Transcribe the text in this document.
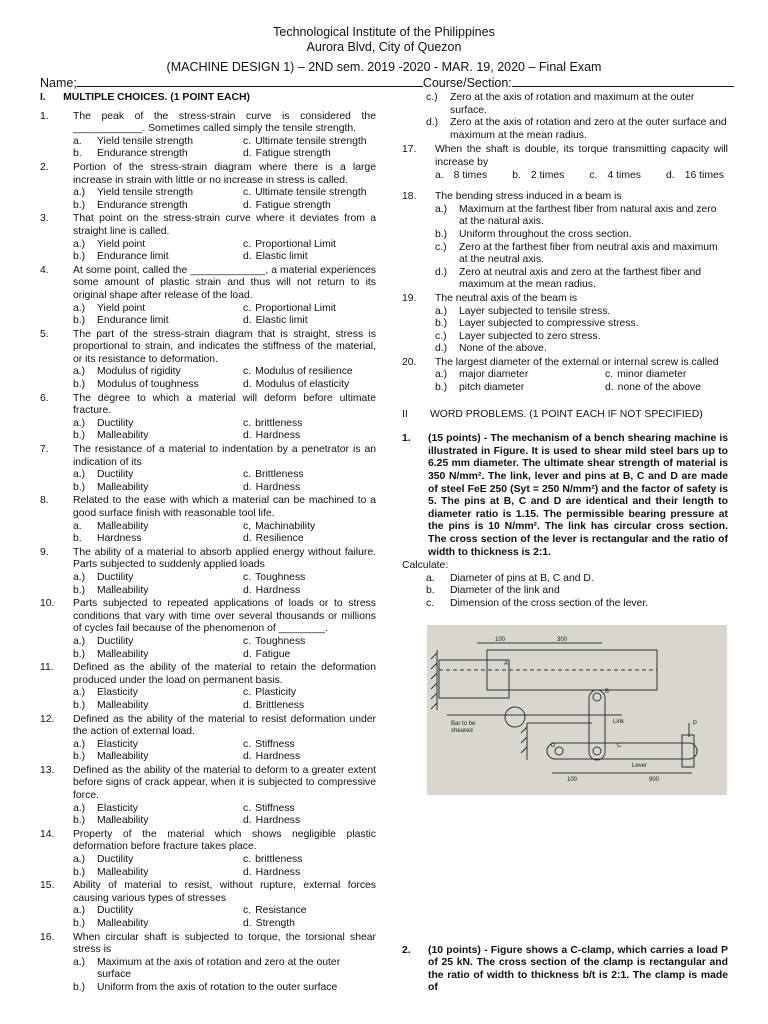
Technological Institute of the Philippines
Aurora Blvd, City of Quezon
(MACHINE DESIGN 1) – 2ND sem. 2019 -2020 - MAR. 19, 2020 – Final Exam
Name;	Course/Section:
I.      MULTIPLE CHOICES. (1 POINT EACH)
1. The peak of the stress-strain curve is considered the ____________. Sometimes called simply the tensile strength.
a. Yield tensile strength	c. Ultimate tensile strength
b. Endurance strength	d. Fatigue strength
2. Portion of the stress-strain diagram where there is a large increase in strain with little or no increase in stress is called.
a.) Yield tensile strength	c. Ultimate tensile strength
b.) Endurance strength	d. Fatigue strength
3. That point on the stress-strain curve where it deviates from a straight line is called.
a.) Yield point	c. Proportional Limit
b.) Endurance limit	d. Elastic limit
4. At some point, called the _____________, a material experiences some amount of plastic strain and thus will not return to its original shape after release of the load.
a.) Yield point	c. Proportional Limit
b.) Endurance limit	d. Elastic limit
5. The part of the stress-strain diagram that is straight, stress is proportional to strain, and indicates the stiffness of the material, or its resistance to deformation.
a.) Modulus of rigidity	c. Modulus of resilience
b.) Modulus of toughness	d. Modulus of elasticity
6. The degree to which a material will deform before ultimate fracture.
a.) Ductility	c. brittleness
b.) Malleability	d. Hardness
7. The resistance of a material to indentation by a penetrator is an indication of its
a.) Ductility	c. Brittleness
b.) Malleability	d. Hardness
8. Related to the ease with which a material can be machined to a good surface finish with reasonable tool life.
a. Malleability	c, Machinability
b. Hardness	d. Resilience
9. The ability of a material to absorb applied energy without failure. Parts subjected to suddenly applied loads
a.) Ductility	c. Toughness
b.) Malleability	d. Hardness
10. Parts subjected to repeated applications of loads or to stress conditions that vary with time over several thousands or millions of cycles fail because of the phenomenon of ________.
a.) Ductility	c. Toughness
b.) Malleability	d. Fatigue
11. Defined as the ability of the material to retain the deformation produced under the load on permanent basis.
a.) Elasticity	c. Plasticity
b.) Malleability	d. Brittleness
12. Defined as the ability of the material to resist deformation under the action of external load.
a.) Elasticity	c. Stiffness
b.) Malleability	d. Hardness
13. Defined as the ability of the material to deform to a greater extent before signs of crack appear, when it is subjected to compressive force.
a.) Elasticity	c. Stiffness
b.) Malleability	d. Hardness
14. Property of the material which shows negligible plastic deformation before fracture takes place.
a.) Ductility	c. brittleness
b.) Malleability	d. Hardness
15. Ability of material to resist, without rupture, external forces causing various types of stresses
a.) Ductility	c. Resistance
b.) Malleability	d. Strength
16. When circular shaft is subjected to torque, the torsional shear stress is
a.) Maximum at the axis of rotation and zero at the outer surface
b.) Uniform from the axis of rotation to the outer surface
c.) Zero at the axis of rotation and maximum at the outer surface.
d.) Zero at the axis of rotation and zero at the outer surface and maximum at the mean radius.
17. When the shaft is double, its torque transmitting capacity will increase by
a. 8 times b. 2 times c. 4 times d. 16 times
18. The bending stress induced in a beam is
a.) Maximum at the farthest fiber from natural axis and zero at the natural axis.
b.) Uniform throughout the cross section.
c.) Zero at the farthest fiber from neutral axis and maximum at the neutral axis.
d.) Zero at neutral axis and zero at the farthest fiber and maximum at the mean radius.
19. The neutral axis of the beam is
a.) Layer subjected to tensile stress.
b.) Layer subjected to compressive stress.
c.) Layer subjected to zero stress.
d.) None of the above.
20. The largest diameter of the external or internal screw is called
a.) major diameter	c. minor diameter
b.) pitch diameter	d. none of the above
II	WORD PROBLEMS. (1 POINT EACH IF NOT SPECIFIED)
1. (15 points) - The mechanism of a bench shearing machine is illustrated in Figure. It is used to shear mild steel bars up to 6.25 mm diameter. The ultimate shear strength of material is 350 N/mm². The link, lever and pins at B, C and D are made of steel FeE 250 (Syt = 250 N/mm²) and the factor of safety is 5. The pins at B, C and D are identical and their length to diameter ratio is 1.15. The permissible bearing pressure at the pins is 10 N/mm². The link has circular cross section. The cross section of the lever is rectangular and the ratio of width to thickness is 2:1.
Calculate:
a. Diameter of pins at B, C and D.
b. Diameter of the link and
c. Dimension of the cross section of the lever.
100	300
A
B
C
D
P
Bar to be
sheared
Link
Lever
100	900
2. (10 points) - Figure shows a C-clamp, which carries a load P of 25 kN. The cross section of the clamp is rectangular and the ratio of width to thickness b/t is 2:1. The clamp is made of
